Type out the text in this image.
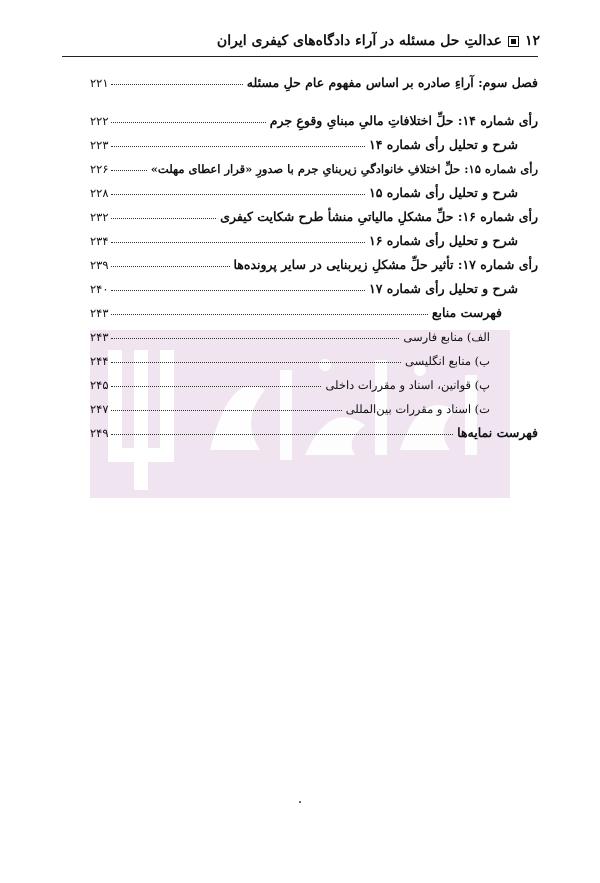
۱۲
عدالتِ حل مسئله در آراء دادگاه‌های کیفری ایران
فصل سوم: آراءِ صادره بر اساس مفهوم عام حلِ مسئله
۲۲۱
رأی شماره ۱۴: حلِّ اختلافاتِ مالیِ مبنایِ وقوعِ جرم
۲۲۲
شرح و تحلیل رأی شماره ۱۴
۲۲۳
رأی شماره ۱۵: حلِّ اختلافِ خانوادگیِ زیربنایِ جرم با صدورِ «قرار اعطای مهلت»
۲۲۶
شرح و تحلیل رأی شماره ۱۵
۲۲۸
رأی شماره ۱۶: حلِّ مشکلِ مالیاتیِ منشأ طرح شکایت کیفری
۲۳۲
شرح و تحلیل رأی شماره ۱۶
۲۳۴
رأی شماره ۱۷: تأثیر حلِّ مشکلِ زیربنایی در سایر پرونده‌ها
۲۳۹
شرح و تحلیل رأی شماره ۱۷
۲۴۰
فهرست منابع
۲۴۳
الف) منابع فارسی
۲۴۳
ب) منابع انگلیسی
۲۴۴
پ) قوانین، اسناد و مقررات داخلی
۲۴۵
ت) اسناد و مقررات بین‌المللی
۲۴۷
فهرست نمایه‌ها
۲۴۹
٠
